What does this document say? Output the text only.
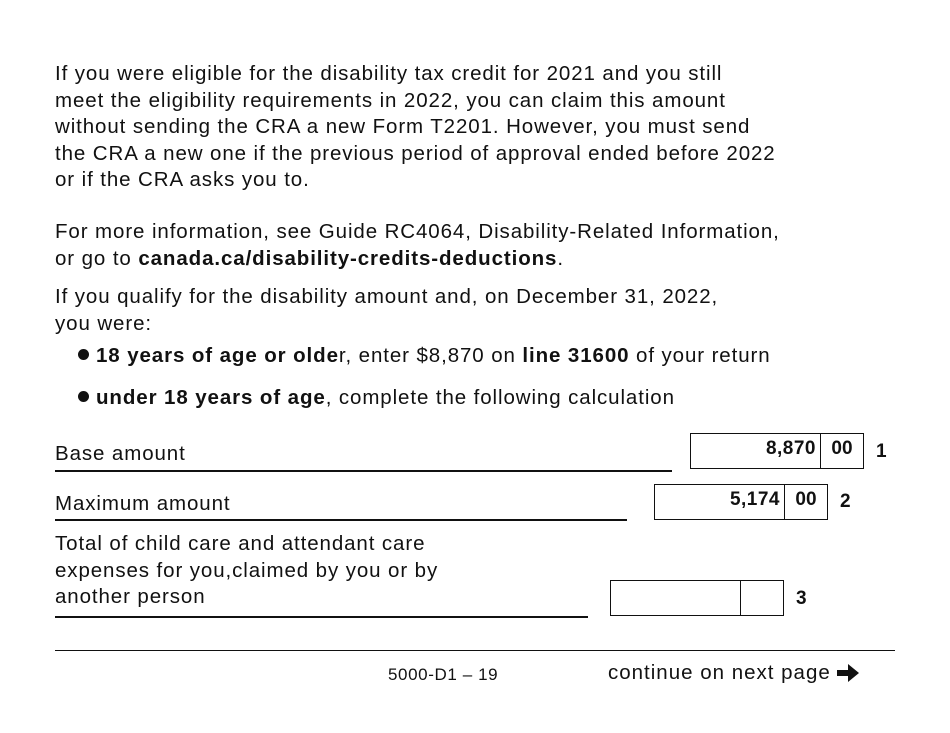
If you were eligible for the disability tax credit for 2021 and you still
meet the eligibility requirements in 2022, you can claim this amount
without sending the CRA a new Form T2201. However, you must send
the CRA a new one if the previous period of approval ended before 2022
or if the CRA asks you to.
For more information, see Guide RC4064, Disability-Related Information,
or go to canada.ca/disability-credits-deductions.
If you qualify for the disability amount and, on December 31, 2022,
you were:
18 years of age or older, enter $8,870 on line 31600 of your return
under 18 years of age, complete the following calculation
Base amount	8,870 00	1
Maximum amount	5,174 00	2
Total of child care and attendant care
expenses for you,claimed by you or by
another person	3
5000-D1 – 19	continue on next page
